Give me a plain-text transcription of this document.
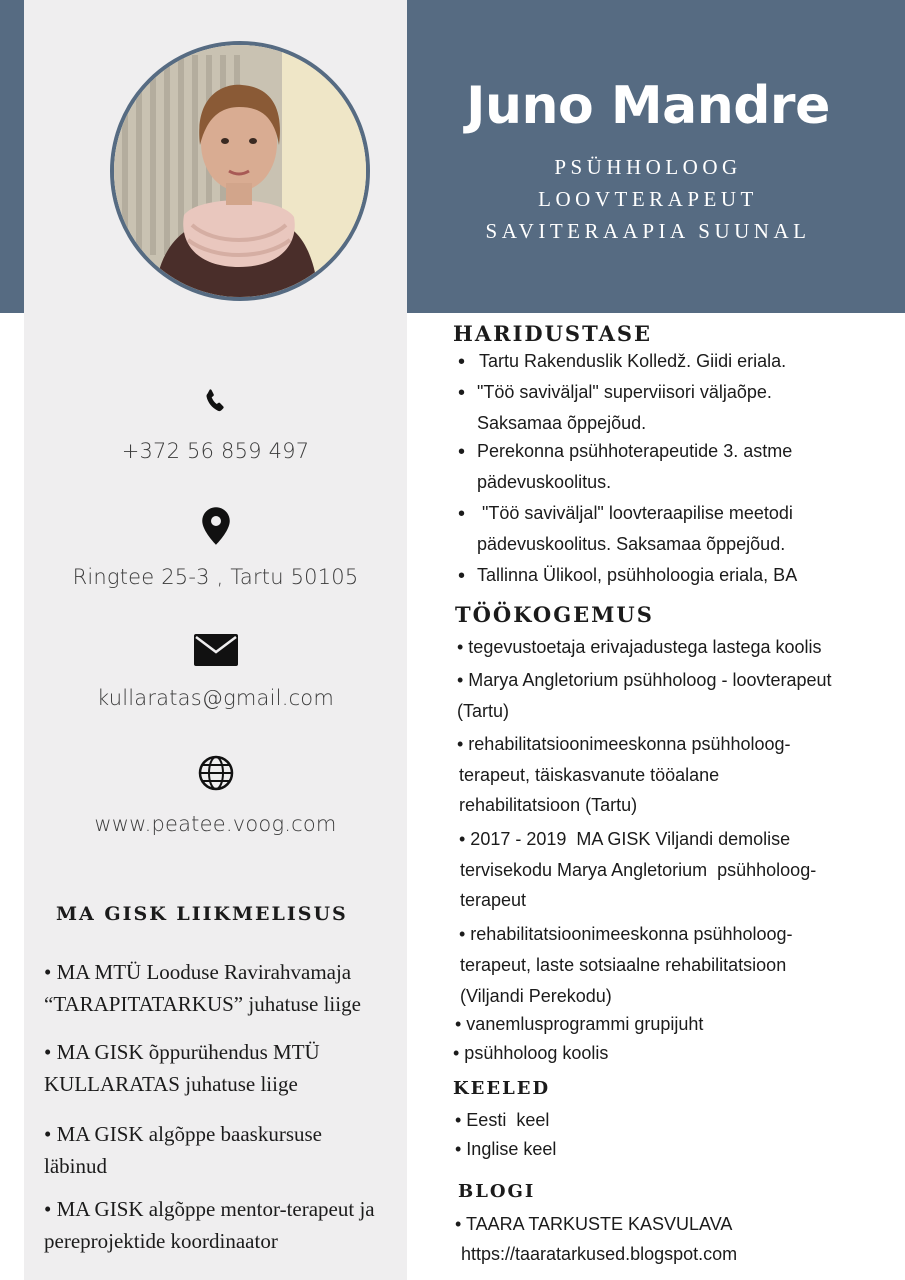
+372 56 859 497
Ringtee 25-3 , Tartu 50105
kullaratas@gmail.com
www.peatee.voog.com
MA GISK LIIKMELISUS
• MA MTÜ Looduse Ravirahvamaja
“TARAPITATARKUS” juhatuse liige
• MA GISK õppurühendus MTÜ
KULLARATAS juhatuse liige
• MA GISK algõppe baaskursuse
läbinud
• MA GISK algõppe mentor-terapeut ja
pereprojektide koordinaator
Juno Mandre
PSÜHHOLOOG
LOOVTERAPEUT
SAVITERAAPIA SUUNAL
HARIDUSTASE
• Tartu Rakenduslik Kolledž. Giidi eriala.
• "Töö saviväljal" superviisori väljaõpe.
Saksamaa õppejõud.
• Perekonna psühhoterapeutide 3. astme
pädevuskoolitus.
• "Töö saviväljal" loovteraapilise meetodi
pädevuskoolitus. Saksamaa õppejõud.
• Tallinna Ülikool, psühholoogia eriala, BA
TÖÖKOGEMUS
• tegevustoetaja erivajadustega lastega koolis
• Marya Angletorium psühholoog - loovterapeut
(Tartu)
• rehabilitatsioonimeeskonna psühholoog-
terapeut, täiskasvanute tööalane
rehabilitatsioon (Tartu)
• 2017 - 2019  MA GISK Viljandi demolise
tervisekodu Marya Angletorium  psühholoog-
terapeut
• rehabilitatsioonimeeskonna psühholoog-
terapeut, laste sotsiaalne rehabilitatsioon
(Viljandi Perekodu)
• vanemlusprogrammi grupijuht
• psühholoog koolis
KEELED
• Eesti  keel
• Inglise keel
BLOGI
• TAARA TARKUSTE KASVULAVA
https://taaratarkused.blogspot.com
